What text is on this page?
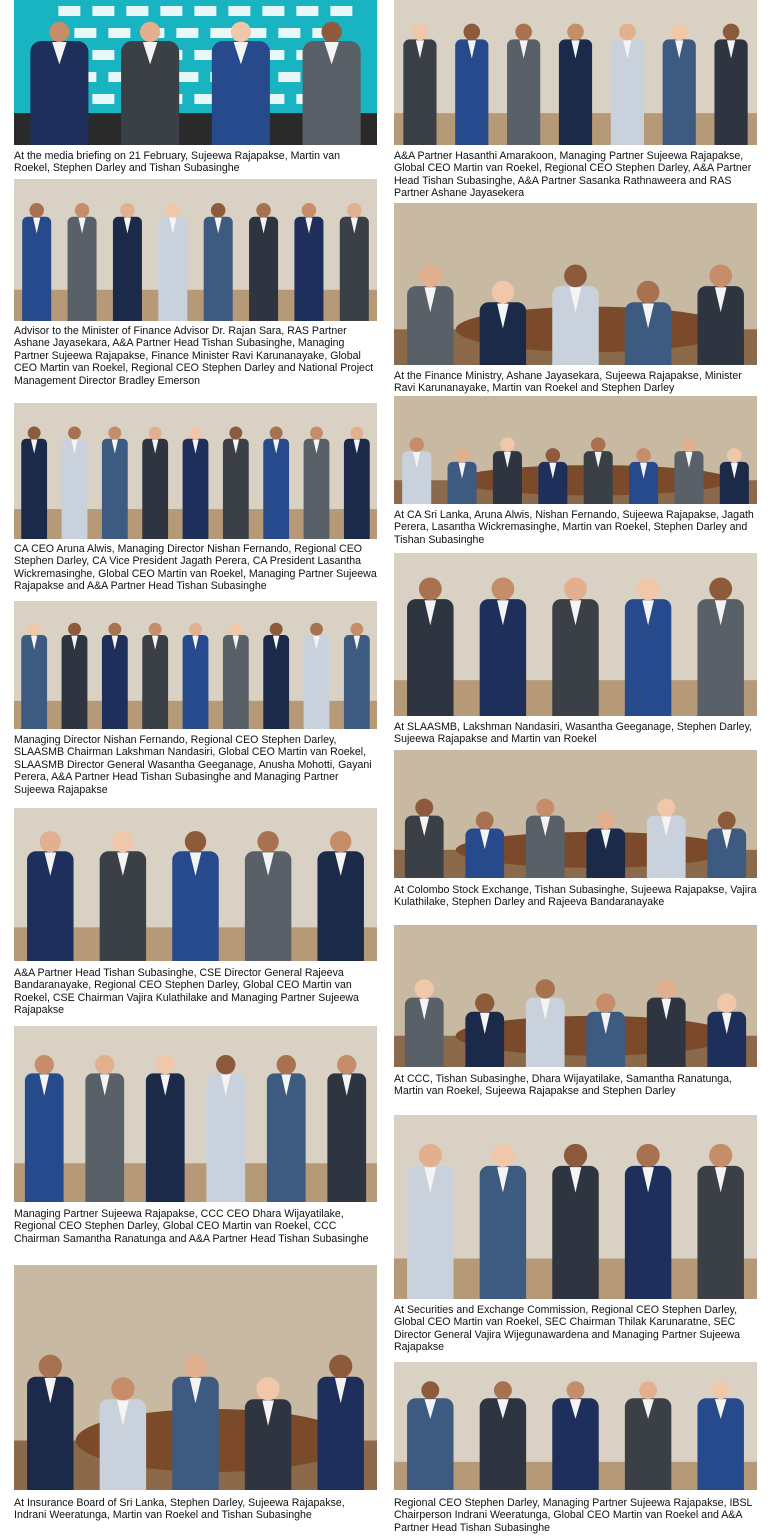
At the media briefing on 21 February, Sujeewa Rajapakse, Martin van Roekel, Stephen Darley and Tishan Subasinghe

A&A Partner Hasanthi Amarakoon, Managing Partner Sujeewa Rajapakse, Global CEO Martin van Roekel, Regional CEO Stephen Darley, A&A Partner Head Tishan Subasinghe, A&A Partner Sasanka Rathnaweera and RAS Partner Ashane Jayasekera

Advisor to the Minister of Finance Advisor Dr. Rajan Sara, RAS Partner Ashane Jayasekara, A&A Partner Head Tishan Subasinghe, Managing Partner Sujeewa Rajapakse, Finance Minister Ravi Karunanayake, Global CEO Martin van Roekel, Regional CEO Stephen Darley and National Project Management Director Bradley Emerson	At the Finance Ministry, Ashane Jayasekara, Sujeewa Rajapakse, Minister Ravi Karunanayake, Martin van Roekel and Stephen Darley

CA CEO Aruna Alwis, Managing Director Nishan Fernando, Regional CEO Stephen Darley, CA Vice President Jagath Perera, CA President Lasantha Wickremasinghe, Global CEO Martin van Roekel, Managing Partner Sujeewa Rajapakse and A&A Partner Head Tishan Subasinghe

At CA Sri Lanka, Aruna Alwis, Nishan Fernando, Sujeewa Rajapakse, Jagath Perera, Lasantha Wickremasinghe, Martin van Roekel, Stephen Darley and Tishan Subasinghe

Managing Director Nishan Fernando, Regional CEO Stephen Darley, SLAASMB Chairman Lakshman Nandasiri, Global CEO Martin van Roekel, SLAASMB Director General Wasantha Geeganage, Anusha Mohotti, Gayani Perera, A&A Partner Head Tishan Subasinghe and Managing Partner Sujeewa Rajapakse

At SLAASMB, Lakshman Nandasiri, Wasantha Geeganage, Stephen Darley, Sujeewa Rajapakse and Martin van Roekel

A&A Partner Head Tishan Subasinghe, CSE Director General Rajeeva Bandaranayake, Regional CEO Stephen Darley, Global CEO Martin van Roekel, CSE Chairman Vajira Kulathilake and Managing Partner Sujeewa Rajapakse

At Colombo Stock Exchange, Tishan Subasinghe, Sujeewa Rajapakse, Vajira Kulathilake, Stephen Darley and Rajeeva Bandaranayake

Managing Partner Sujeewa Rajapakse, CCC CEO Dhara Wijayatilake, Regional CEO Stephen Darley, Global CEO Martin van Roekel, CCC Chairman Samantha Ranatunga and A&A Partner Head Tishan Subasinghe

At CCC, Tishan Subasinghe, Dhara Wijayatilake, Samantha Ranatunga, Martin van Roekel, Sujeewa Rajapakse and Stephen Darley

At Insurance Board of Sri Lanka, Stephen Darley, Sujeewa Rajapakse, Indrani Weeratunga, Martin van Roekel and Tishan Subasinghe

At Securities and Exchange Commission, Regional CEO Stephen Darley, Global CEO Martin van Roekel, SEC Chairman Thilak Karunaratne, SEC Director General Vajira Wijegunawardena and Managing Partner Sujeewa Rajapakse

Regional CEO Stephen Darley, Managing Partner Sujeewa Rajapakse, IBSL Chairperson Indrani Weeratunga, Global CEO Martin van Roekel and A&A Partner Head Tishan Subasinghe
